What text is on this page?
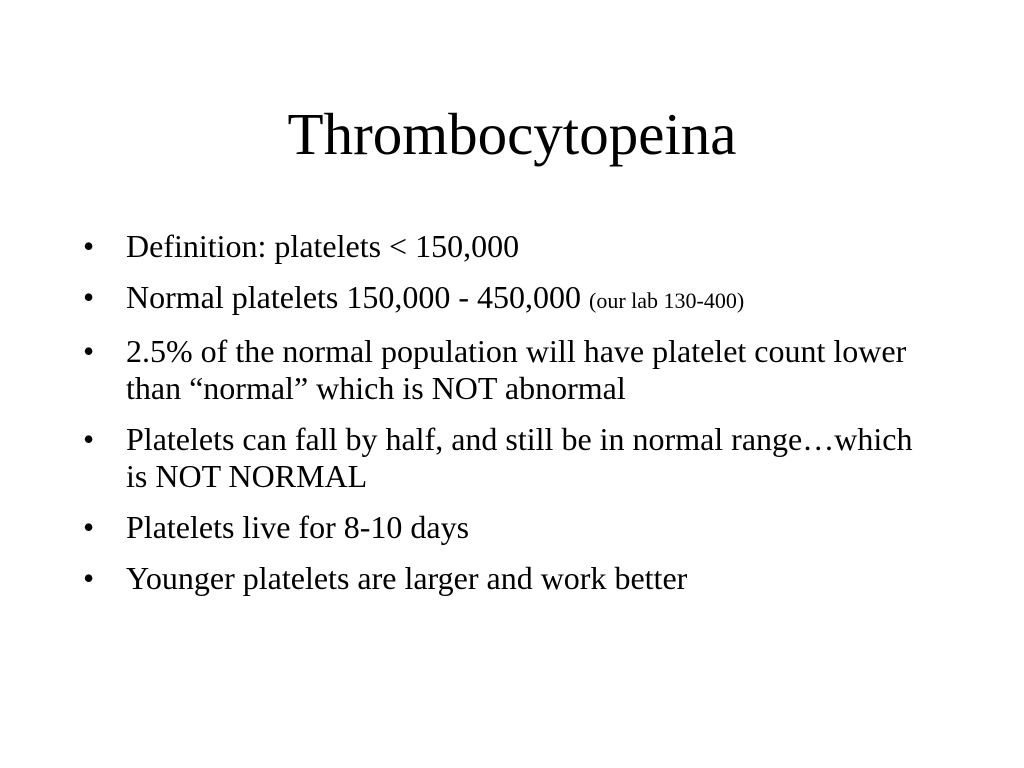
Thrombocytopeina
• Definition: platelets < 150,000
• Normal platelets 150,000 - 450,000 (our lab 130-400)
• 2.5% of the normal population will have platelet count lower than “normal” which is NOT abnormal
• Platelets can fall by half, and still be in normal range…which is NOT NORMAL
• Platelets live for 8-10 days
• Younger platelets are larger and work better
